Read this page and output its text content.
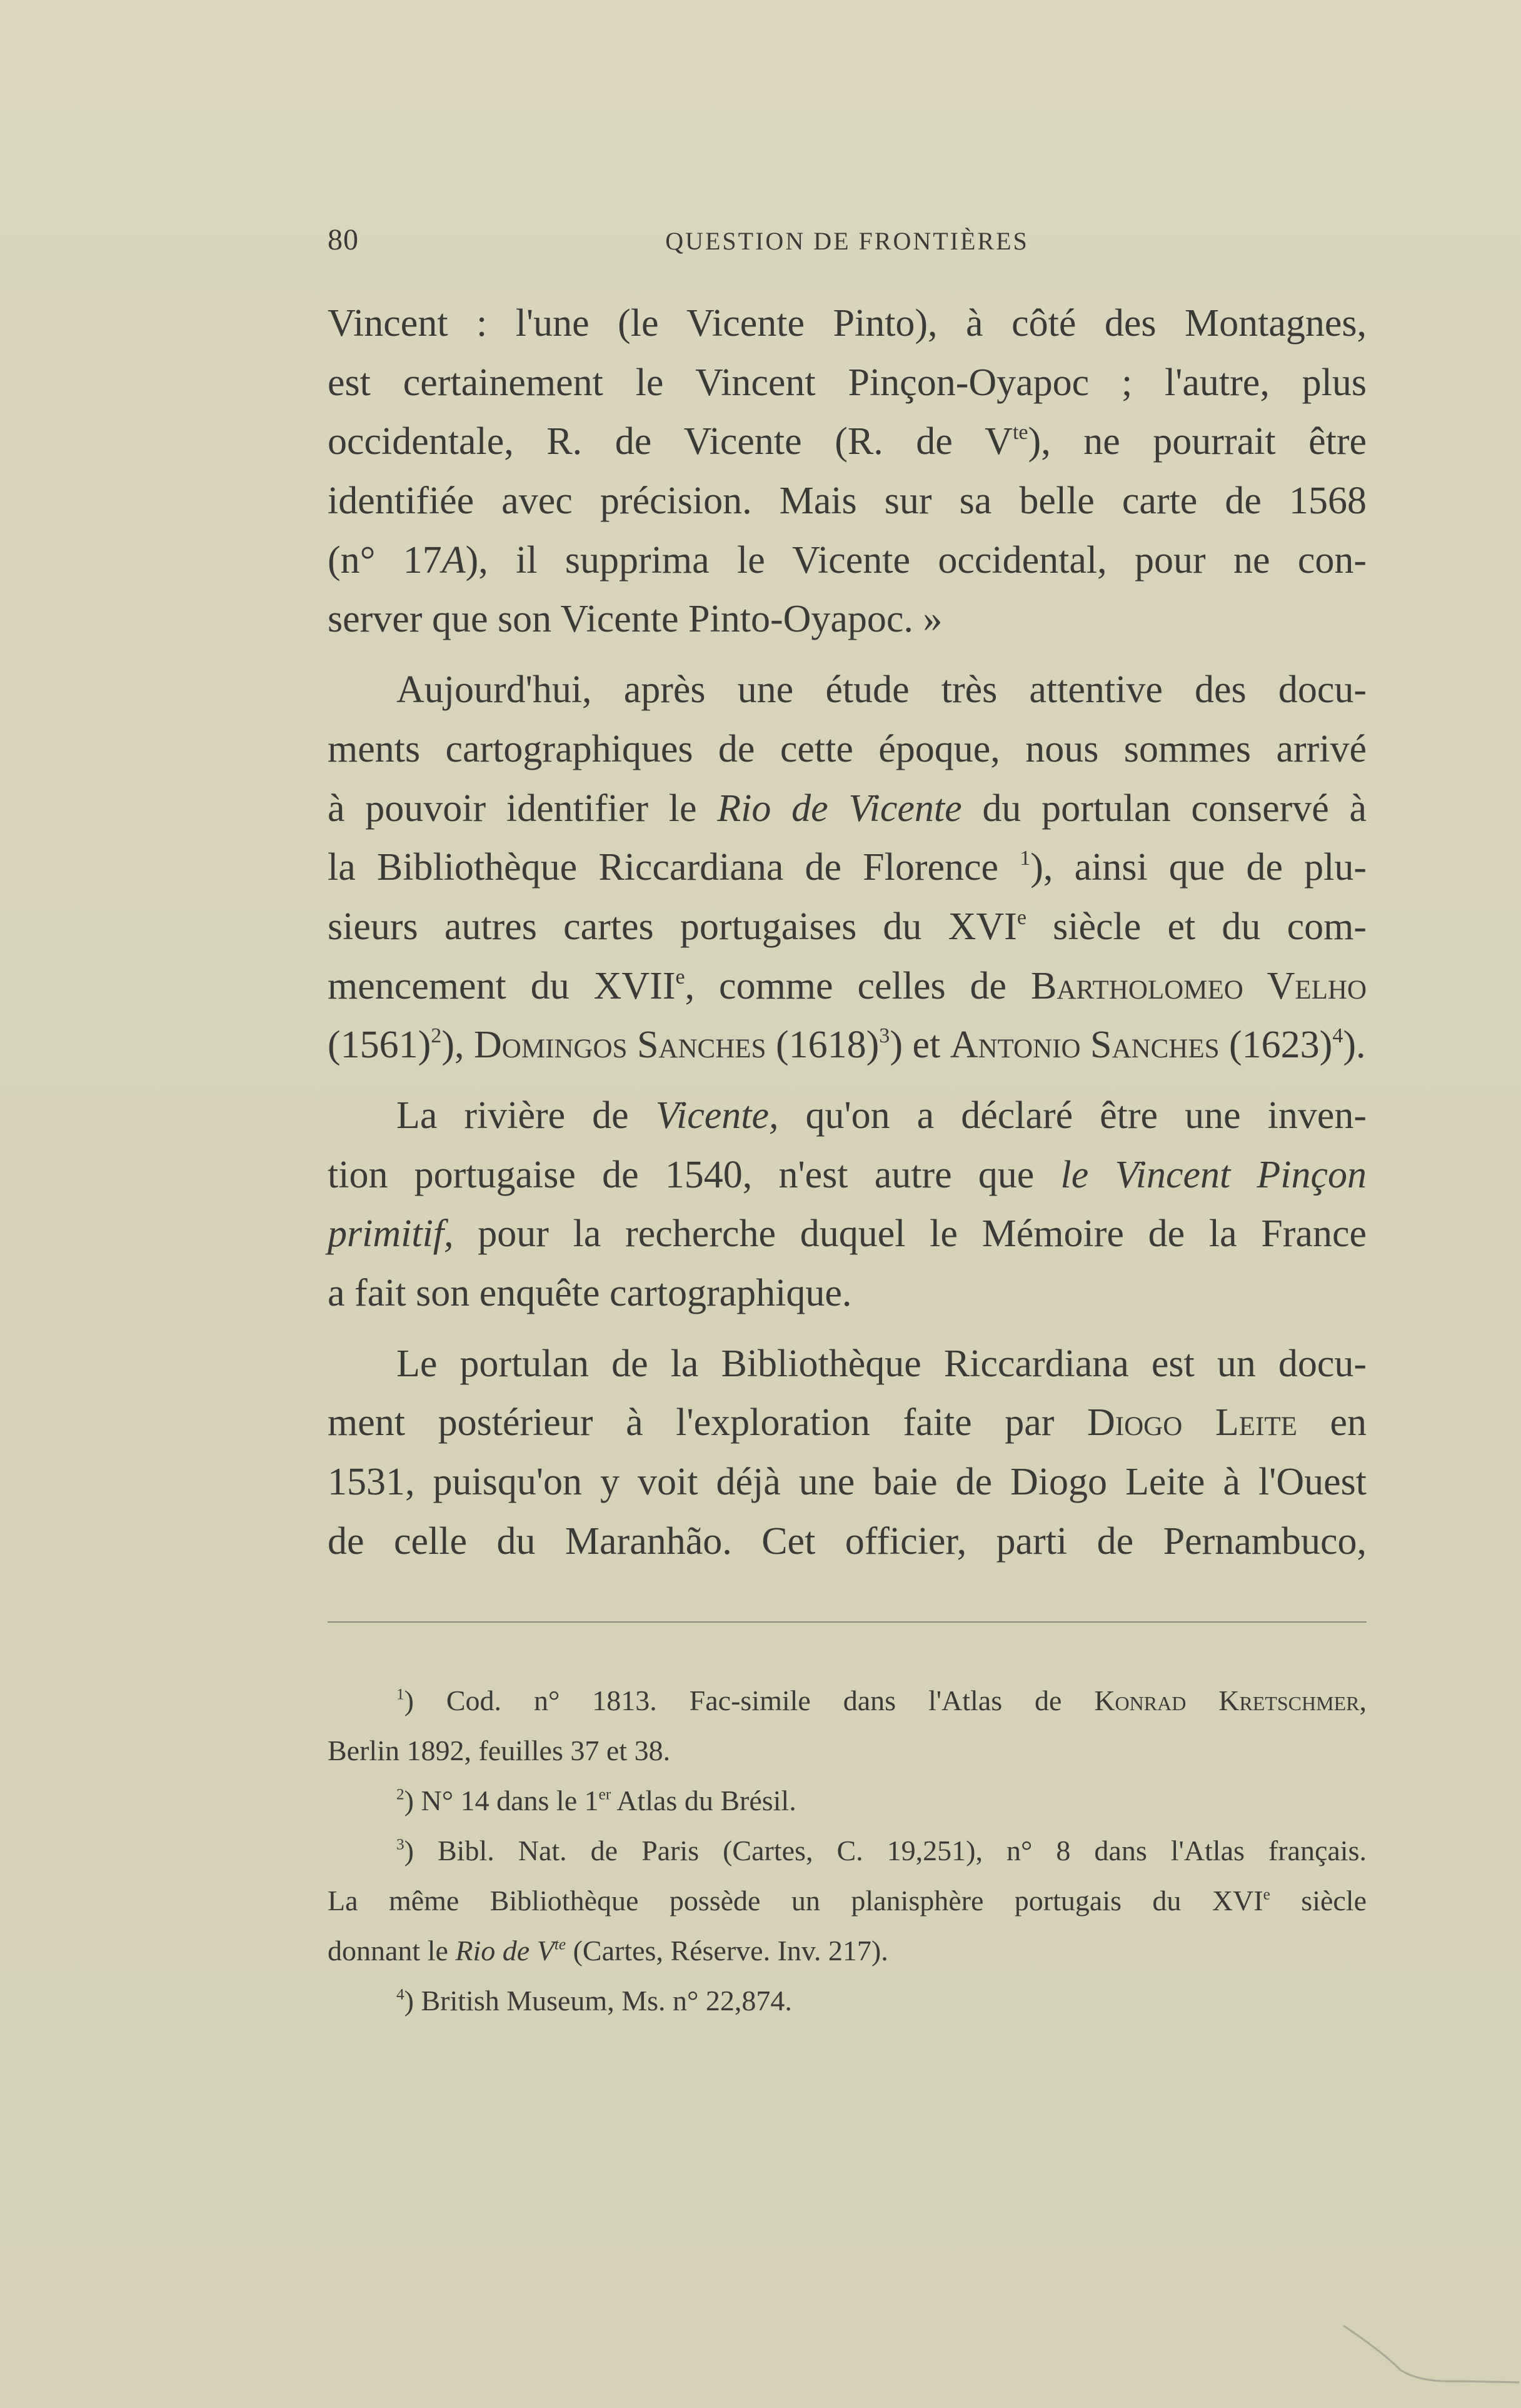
80	QUESTION DE FRONTIÈRES
Vincent : l'une (le Vicente Pinto), à côté des Montagnes,
est certainement le Vincent Pinçon-Oyapoc ; l'autre, plus
occidentale, R. de Vicente (R. de $V^{te}$), ne pourrait être
identifiée avec précision. Mais sur sa belle carte de 1568
(n° 17A), il supprima le Vicente occidental, pour ne con-
server que son Vicente Pinto-Oyapoc. »
Aujourd'hui, après une étude très attentive des docu-
ments cartographiques de cette époque, nous sommes arrivé
à pouvoir identifier le Rio de Vicente du portulan conservé à
la Bibliothèque Riccardiana de Florence $^1$), ainsi que de plu-
sieurs autres cartes portugaises du XVIe siècle et du com-
mencement du XVIIe, comme celles de Bartholomeo Velho
$(1561)^2$), Domingos Sanches $(1618)^3$) et Antonio Sanches $(1623)^4$).
La rivière de Vicente, qu'on a déclaré être une inven-
tion portugaise de 1540, n'est autre que le Vincent Pinçon
primitif, pour la recherche duquel le Mémoire de la France
a fait son enquête cartographique.
Le portulan de la Bibliothèque Riccardiana est un docu-
ment postérieur à l'exploration faite par Diogo Leite en
1531, puisqu'on y voit déjà une baie de Diogo Leite à l'Ouest
de celle du Maranhão. Cet officier, parti de Pernambuco,
$^1$) Cod. n° 1813. Fac-simile dans l'Atlas de Konrad Kretschmer,
Berlin 1892, feuilles 37 et 38.
$^2$) N° 14 dans le 1er Atlas du Brésil.
$^3$) Bibl. Nat. de Paris (Cartes, C. 19,251), n° 8 dans l'Atlas français.
La même Bibliothèque possède un planisphère portugais du XVIe siècle
donnant le Rio de $V^{te}$ (Cartes, Réserve. Inv. 217).
$^4$) British Museum, Ms. n° 22,874.
